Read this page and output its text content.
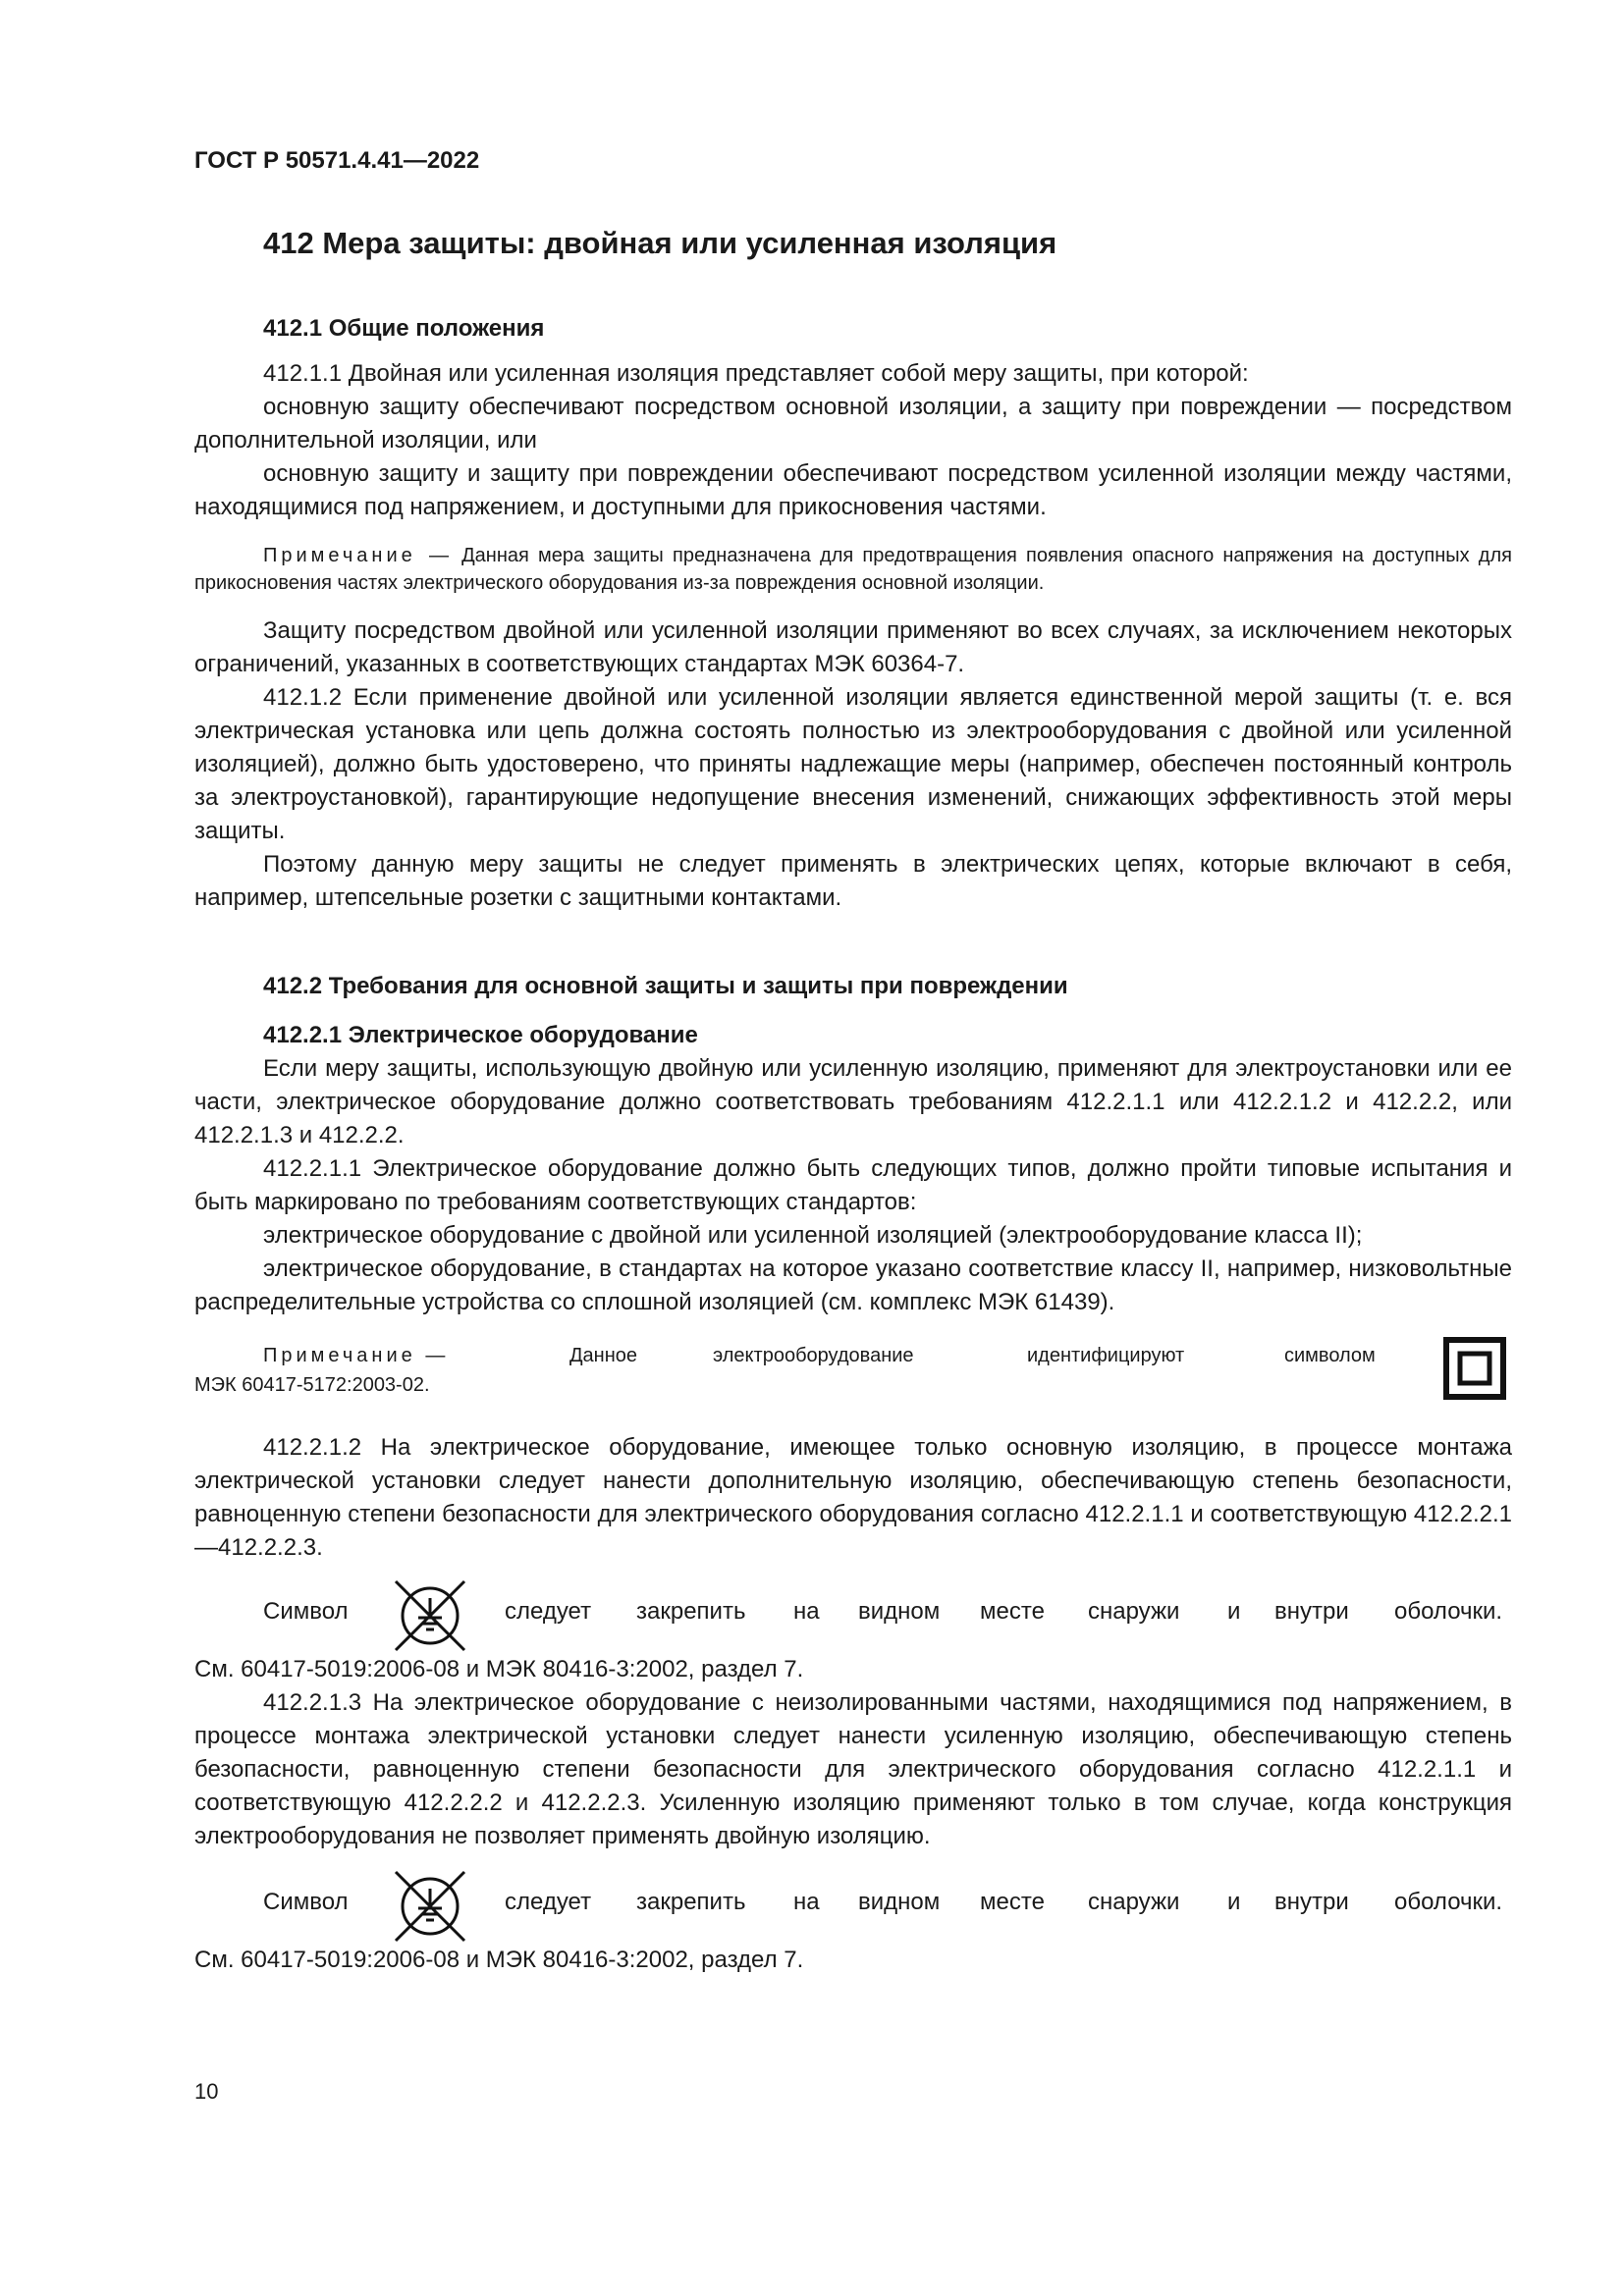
ГОСТ Р 50571.4.41—2022
412 Мера защиты: двойная или усиленная изоляция
412.1 Общие положения

412.1.1 Двойная или усиленная изоляция представляет собой меру защиты, при которой:

основную защиту обеспечивают посредством основной изоляции, а защиту при повреждении — посредством дополнительной изоляции, или

основную защиту и защиту при повреждении обеспечивают посредством усиленной изоляции между частями, находящимися под напряжением, и доступными для прикосновения частями.

Примечание — Данная мера защиты предназначена для предотвращения появления опасного напряжения на доступных для прикосновения частях электрического оборудования из-за повреждения основной изоляции.

Защиту посредством двойной или усиленной изоляции применяют во всех случаях, за исключением некоторых ограничений, указанных в соответствующих стандартах МЭК 60364-7.

412.1.2 Если применение двойной или усиленной изоляции является единственной мерой защиты (т. е. вся электрическая установка или цепь должна состоять полностью из электрооборудования с двойной или усиленной изоляцией), должно быть удостоверено, что приняты надлежащие меры (например, обеспечен постоянный контроль за электроустановкой), гарантирующие недопущение внесения изменений, снижающих эффективность этой меры защиты.

Поэтому данную меру защиты не следует применять в электрических цепях, которые включают в себя, например, штепсельные розетки с защитными контактами.

412.2 Требования для основной защиты и защиты при повреждении
412.2.1 Электрическое оборудование

Если меру защиты, использующую двойную или усиленную изоляцию, применяют для электроустановки или ее части, электрическое оборудование должно соответствовать требованиям 412.2.1.1 или 412.2.1.2 и 412.2.2, или 412.2.1.3 и 412.2.2.

412.2.1.1 Электрическое оборудование должно быть следующих типов, должно пройти типовые испытания и быть маркировано по требованиям соответствующих стандартов:

электрическое оборудование с двойной или усиленной изоляцией (электрооборудование класса II);

электрическое оборудование, в стандартах на которое указано соответствие классу II, например, низковольтные распределительные устройства со сплошной изоляцией (см. комплекс МЭК 61439).

Примечание —	Данное	электрооборудование	идентифицируют	символом
МЭК 60417-5172:2003-02.

412.2.1.2 На электрическое оборудование, имеющее только основную изоляцию, в процессе монтажа электрической установки следует нанести дополнительную изоляцию, обеспечивающую степень безопасности, равноценную степени безопасности для электрического оборудования согласно 412.2.1.1 и соответствующую 412.2.2.1—412.2.2.3.

Символ	следует закрепить на видном месте снаружи и внутри оболочки.

См. 60417-5019:2006-08 и МЭК 80416-3:2002, раздел 7.

412.2.1.3 На электрическое оборудование с неизолированными частями, находящимися под напряжением, в процессе монтажа электрической установки следует нанести усиленную изоляцию, обеспечивающую степень безопасности, равноценную степени безопасности для электрического оборудования согласно 412.2.1.1 и соответствующую 412.2.2.2 и 412.2.2.3. Усиленную изоляцию применяют только в том случае, когда конструкция электрооборудования не позволяет применять двойную изоляцию.

Символ	следует закрепить на видном месте снаружи и внутри оболочки.

См. 60417-5019:2006-08 и МЭК 80416-3:2002, раздел 7.

10
